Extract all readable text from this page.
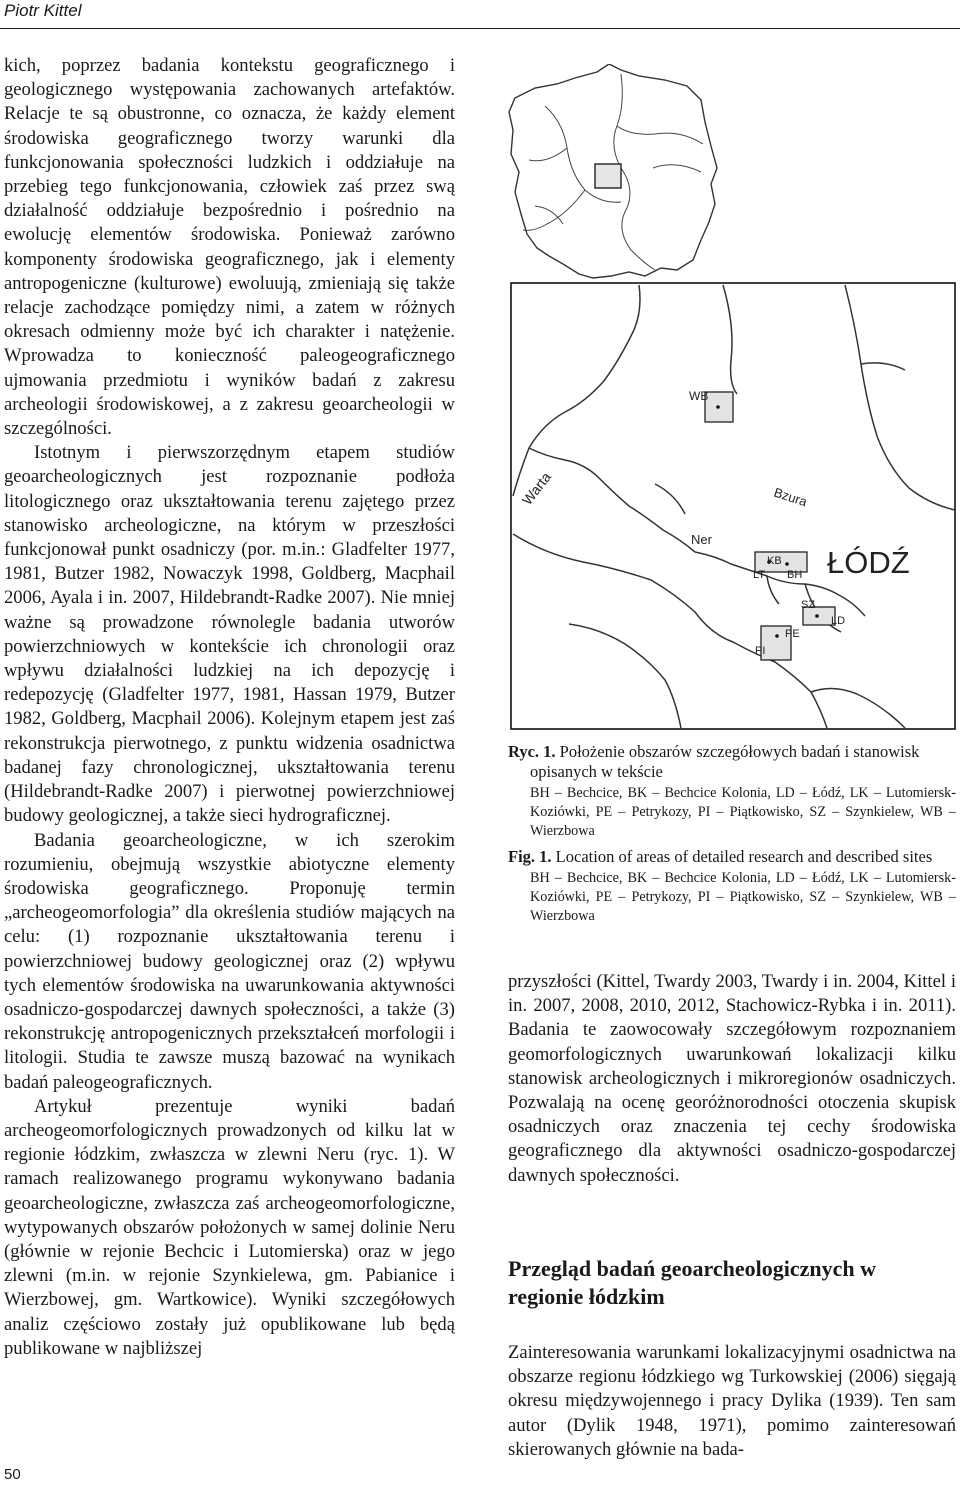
Piotr Kittel

kich, poprzez badania kontekstu geograficznego i geologicznego występowania zachowanych artefaktów. Relacje te są obustronne, co oznacza, że każdy element środowiska geograficznego tworzy warunki dla funkcjonowania społeczności ludzkich i oddziałuje na przebieg tego funkcjonowania, człowiek zaś przez swą działalność oddziałuje bezpośrednio i pośrednio na ewolucję elementów środowiska. Ponieważ zarówno komponenty środowiska geograficznego, jak i elementy antropogeniczne (kulturowe) ewoluują, zmieniają się także relacje zachodzące pomiędzy nimi, a zatem w różnych okresach odmienny może być ich charakter i natężenie. Wprowadza to konieczność paleogeograficznego ujmowania przedmiotu i wyników badań z zakresu archeologii środowiskowej, a z zakresu geoarcheologii w szczególności.

Istotnym i pierwszorzędnym etapem studiów geoarcheologicznych jest rozpoznanie podłoża litologicznego oraz ukształtowania terenu zajętego przez stanowisko archeologiczne, na którym w przeszłości funkcjonował punkt osadniczy (por. m.in.: Gladfelter 1977, 1981, Butzer 1982, Nowaczyk 1998, Goldberg, Macphail 2006, Ayala i in. 2007, Hildebrandt-Radke 2007). Nie mniej ważne są prowadzone równolegle badania utworów powierzchniowych w kontekście ich chronologii oraz wpływu działalności ludzkiej na ich depozycję i redepozycję (Gladfelter 1977, 1981, Hassan 1979, Butzer 1982, Goldberg, Macphail 2006). Kolejnym etapem jest zaś rekonstrukcja pierwotnego, z punktu widzenia osadnictwa badanej fazy chronologicznej, ukształtowania terenu (Hildebrandt-Radke 2007) i pierwotnej powierzchniowej budowy geologicznej, a także sieci hydrograficznej.

Badania geoarcheologiczne, w ich szerokim rozumieniu, obejmują wszystkie abiotyczne elementy środowiska geograficznego. Proponuję termin „archeogeomorfologia” dla określenia studiów mających na celu: (1) rozpoznanie ukształtowania terenu i powierzchniowej budowy geologicznej oraz (2) wpływu tych elementów środowiska na uwarunkowania aktywności osadniczo-gospodarczej dawnych społeczności, a także (3) rekonstrukcję antropogenicznych przekształceń morfologii i litologii. Studia te zawsze muszą bazować na wynikach badań paleogeograficznych.

Artykuł prezentuje wyniki badań archeogeomorfologicznych prowadzonych od kilku lat w regionie łódzkim, zwłaszcza w zlewni Neru (ryc. 1). W ramach realizowanego programu wykonywano badania geoarcheologiczne, zwłaszcza zaś archeogeomorfologiczne, wytypowanych obszarów położonych w samej dolinie Neru (głównie w rejonie Bechcic i Lutomierska) oraz w jego zlewni (m.in. w rejonie Szynkielewa, gm. Pabianice i Wierzbowej, gm. Wartkowice). Wyniki szczegółowych analiz częściowo zostały już opublikowane lub będą publikowane w najbliższej

Warta	Bzura
Ner
ŁÓDŹ
WB
KB
LT BH
SZ
LD
PE
PI

Ryc. 1. Położenie obszarów szczegółowych badań i stanowisk opisanych w tekście

BH – Bechcice, BK – Bechcice Kolonia, LD – Łódź, LK – Lutomiersk-Koziówki, PE – Petrykozy, PI – Piątkowisko, SZ – Szynkielew, WB – Wierzbowa

Fig. 1. Location of areas of detailed research and described sites

BH – Bechcice, BK – Bechcice Kolonia, LD – Łódź, LK – Lutomiersk-Koziówki, PE – Petrykozy, PI – Piątkowisko, SZ – Szynkielew, WB – Wierzbowa

przyszłości (Kittel, Twardy 2003, Twardy i in. 2004, Kittel i in. 2007, 2008, 2010, 2012, Stachowicz-Rybka i in. 2011). Badania te zaowocowały szczegółowym rozpoznaniem geomorfologicznych uwarunkowań lokalizacji kilku stanowisk archeologicznych i mikroregionów osadniczych. Pozwalają na ocenę georóżnorodności otoczenia skupisk osadniczych oraz znaczenia tej cechy środowiska geograficznego dla aktywności osadniczo-gospodarczej dawnych społeczności.

Przegląd badań geoarcheologicznych w regionie łódzkim

Zainteresowania warunkami lokalizacyjnymi osadnictwa na obszarze regionu łódzkiego wg Turkowskiej (2006) sięgają okresu międzywojennego i pracy Dylika (1939). Ten sam autor (Dylik 1948, 1971), pomimo zainteresowań skierowanych głównie na bada-

50
